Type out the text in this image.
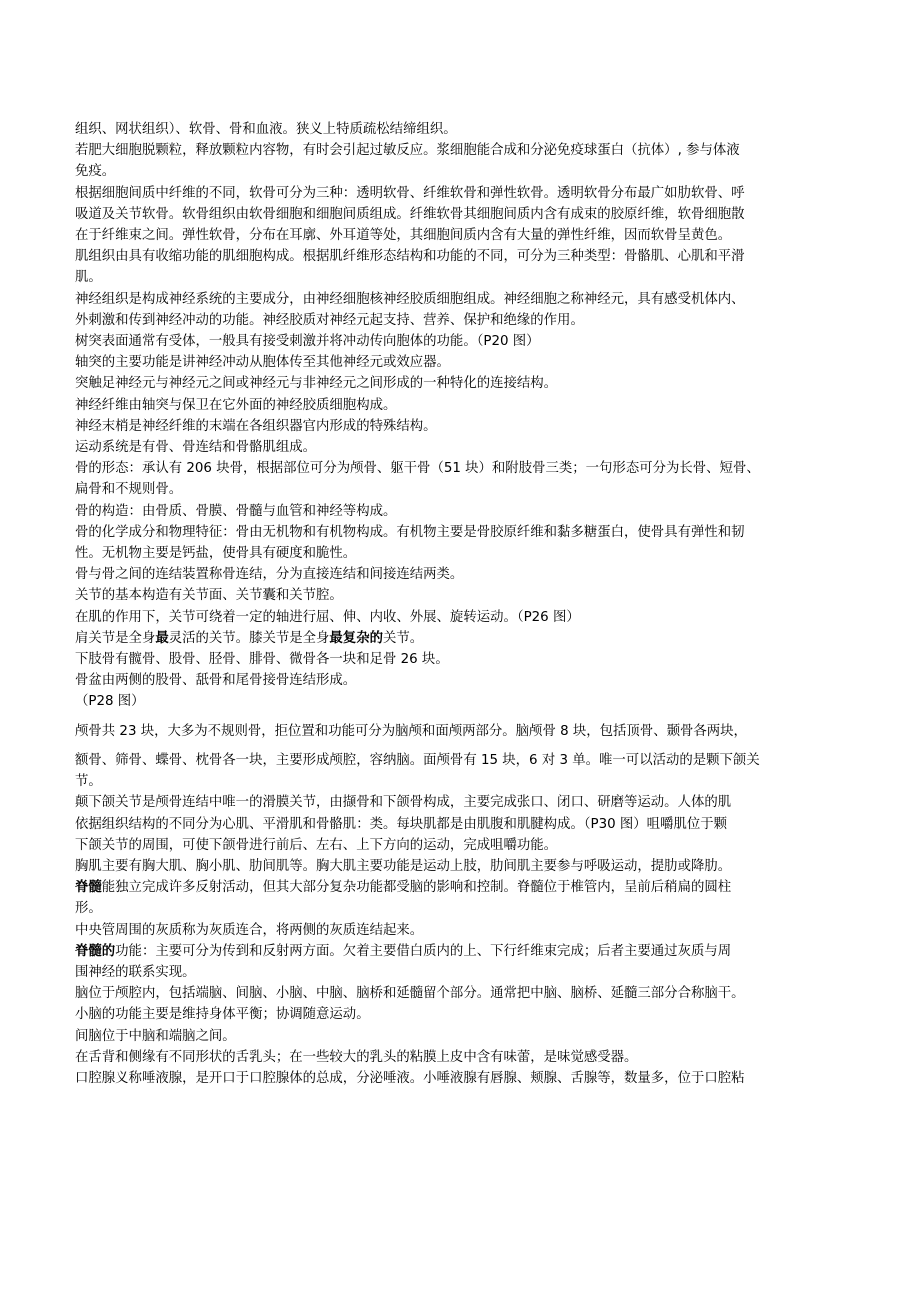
组织、网状组织）、软骨、骨和血液。狭义上特质疏松结缔组织。
若肥大细胞脱颗粒，释放颗粒内容物，有时会引起过敏反应。浆细胞能合成和分泌免疫球蛋白（抗体）, 参与体液
免疫。
根据细胞间质中纤维的不同，软骨可分为三种：透明软骨、纤维软骨和弹性软骨。透明软骨分布最广如肋软骨、呼
吸道及关节软骨。软骨组织由软骨细胞和细胞间质组成。纤维软骨其细胞间质内含有成束的胶原纤维，软骨细胞散
在于纤维束之间。弹性软骨，分布在耳廓、外耳道等处，其细胞间质内含有大量的弹性纤维，因而软骨呈黄色。
肌组织由具有收缩功能的肌细胞构成。根据肌纤维形态结构和功能的不同，可分为三种类型：骨骼肌、心肌和平滑
肌。
神经组织是构成神经系统的主要成分，由神经细胞核神经胶质细胞组成。神经细胞之称神经元，具有感受机体内、
外刺激和传到神经冲动的功能。神经胶质对神经元起支持、营养、保护和绝缘的作用。
树突表面通常有受体，一般具有接受刺激并将冲动传向胞体的功能。（P20 图）
轴突的主要功能是讲神经冲动从胞体传至其他神经元或效应器。
突触足神经元与神经元之间或神经元与非神经元之间形成的一种特化的连接结构。
神经纤维由轴突与保卫在它外面的神经胶质细胞构成。
神经末梢是神经纤维的末端在各组织器官内形成的特殊结构。
运动系统是有骨、骨连结和骨骼肌组成。
骨的形态：承认有 206 块骨，根据部位可分为颅骨、躯干骨（51 块）和附肢骨三类；一句形态可分为长骨、短骨、
扁骨和不规则骨。
骨的构造：由骨质、骨膜、骨髓与血管和神经等构成。
骨的化学成分和物理特征：骨由无机物和有机物构成。有机物主要是骨胶原纤维和黏多糖蛋白，使骨具有弹性和韧
性。无机物主要是钙盐，使骨具有硬度和脆性。
骨与骨之间的连结装置称骨连结，分为直接连结和间接连结两类。
关节的基本构造有关节面、关节囊和关节腔。
在肌的作用下，关节可绕着一定的轴进行屈、伸、内收、外展、旋转运动。（P26 图）
肩关节是全身最灵活的关节。膝关节是全身最复杂的关节。
下肢骨有髋骨、股骨、胫骨、腓骨、微骨各一块和足骨 26 块。
骨盆由两侧的股骨、舐骨和尾骨接骨连结形成。
（P28 图）
颅骨共 23 块，大多为不规则骨，拒位置和功能可分为脑颅和面颅两部分。脑颅骨 8 块，包括顶骨、颞骨各两块，
额骨、筛骨、蝶骨、枕骨各一块，主要形成颅腔，容纳脑。面颅骨有 15 块，6 对 3 单。唯一可以活动的是颗下颌关
节。
颠下颌关节是颅骨连结中唯一的滑膜关节，由撷骨和下颌骨构成，主要完成张口、闭口、研磨等运动。人体的肌
依据组织结构的不同分为心肌、平滑肌和骨骼肌：类。每块肌都是由肌腹和肌腱构成。（P30 图）咀嚼肌位于颗
下颌关节的周围，可使下颌骨进行前后、左右、上下方向的运动，完成咀嚼功能。
胸肌主要有胸大肌、胸小肌、肋间肌等。胸大肌主要功能是运动上肢，肋间肌主要参与呼吸运动，提肋或降肋。
脊髓能独立完成许多反射活动，但其大部分复杂功能都受脑的影响和控制。脊髓位于椎管内，呈前后稍扁的圆柱
形。
中央管周围的灰质称为灰质连合，将两侧的灰质连结起来。
脊髓的功能：主要可分为传到和反射两方面。欠着主要借白质内的上、下行纤维束完成；后者主要通过灰质与周
围神经的联系实现。
脑位于颅腔内，包括端脑、间脑、小脑、中脑、脑桥和延髓留个部分。通常把中脑、脑桥、延髓三部分合称脑干。
小脑的功能主要是维持身体平衡；协调随意运动。
间脑位于中脑和端脑之间。
在舌背和侧缘有不同形状的舌乳头；在一些较大的乳头的粘膜上皮中含有味蕾，是味觉感受器。
口腔腺义称唾液腺，是开口于口腔腺体的总成，分泌唾液。小唾液腺有唇腺、颊腺、舌腺等，数量多，位于口腔粘
